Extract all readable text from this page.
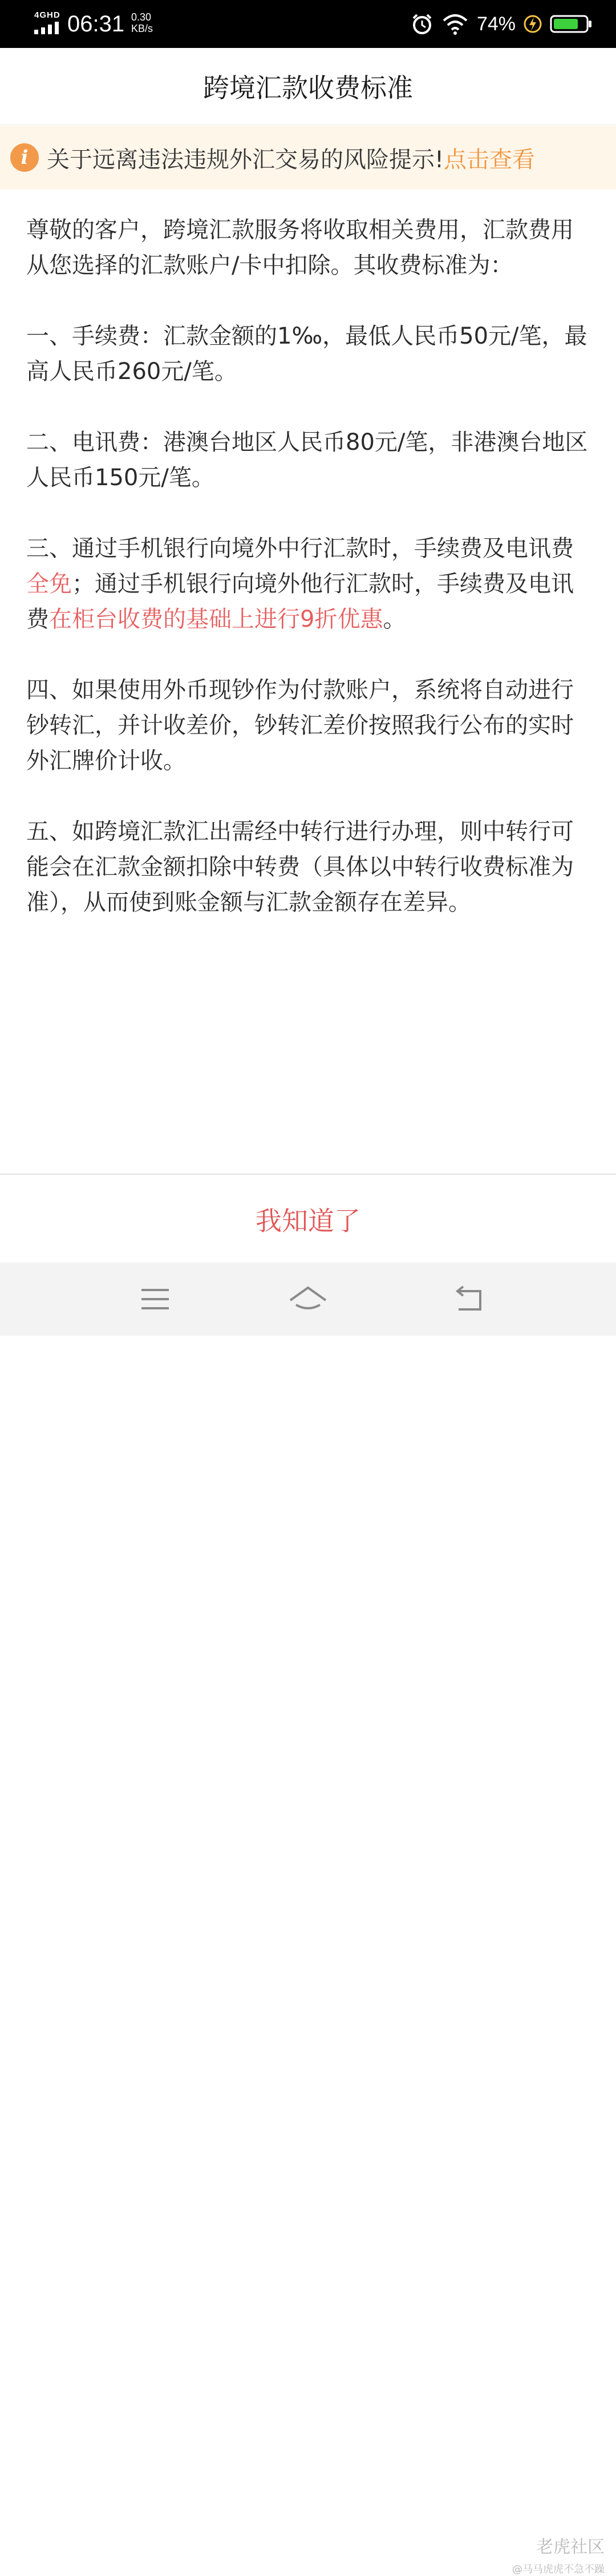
4GHD 06:31 0.30
KB/s	74%
跨境汇款收费标准
i 关于远离违法违规外汇交易的风险提示! 点击查看

尊敬的客户，跨境汇款服务将收取相关费用，汇款费用从您选择的汇款账户/卡中扣除。其收费标准为：

一、手续费：汇款金额的1‰，最低人民币50元/笔，最高人民币260元/笔。

二、电讯费：港澳台地区人民币80元/笔，非港澳台地区人民币150元/笔。

三、通过手机银行向境外中行汇款时，手续费及电讯费全免；通过手机银行向境外他行汇款时，手续费及电讯费在柜台收费的基础上进行9折优惠。

四、如果使用外币现钞作为付款账户，系统将自动进行钞转汇，并计收差价，钞转汇差价按照我行公布的实时外汇牌价计收。

五、如跨境汇款汇出需经中转行进行办理，则中转行可能会在汇款金额扣除中转费（具体以中转行收费标准为准），从而使到账金额与汇款金额存在差异。

我知道了
老虎社区
@马马虎虎不急不躁
